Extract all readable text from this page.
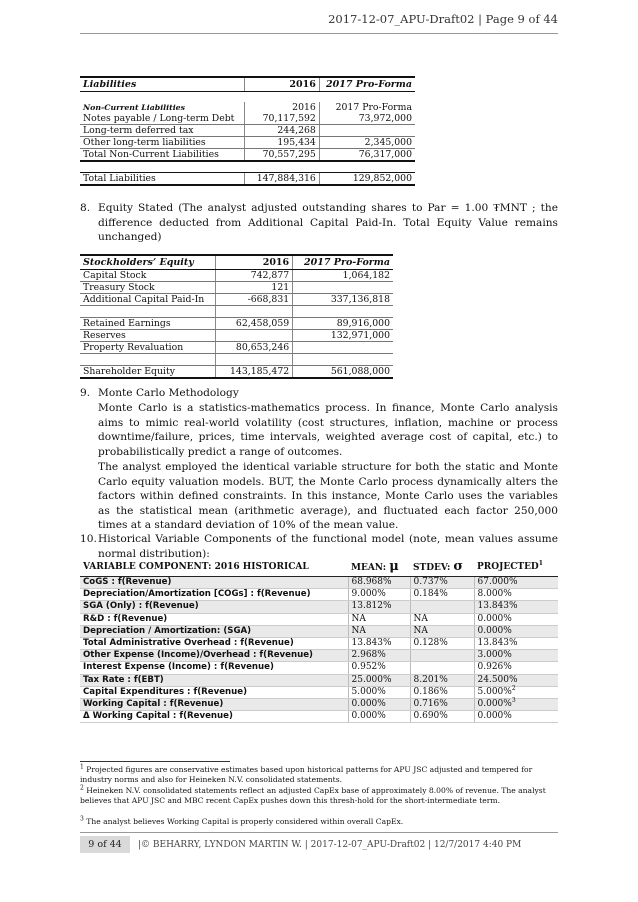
2017-12-07_APU-Draft02 | Page 9 of 44
Liabilities	2016	2017 Pro-Forma

Non-Current Liabilities	2016	2017 Pro-Forma
Notes payable / Long-term Debt	70,117,592	73,972,000
Long-term deferred tax	244,268	
Other long-term liabilities	195,434	2,345,000
Total Non-Current Liabilities	70,557,295	76,317,000

Total Liabilities	147,884,316	129,852,000
8. Equity Stated (The analyst adjusted outstanding shares to Par = 1.00 ₮MNT ; the difference deducted from Additional Capital Paid-In. Total Equity Value remains unchanged)
Stockholders’ Equity	2016	2017 Pro-Forma
Capital Stock	742,877	1,064,182
Treasury Stock	121	
Additional Capital Paid-In	-668,831	337,136,818

Retained Earnings	62,458,059	89,916,000
Reserves		132,971,000
Property Revaluation	80,653,246	

Shareholder Equity	143,185,472	561,088,000
9. Monte Carlo Methodology
Monte Carlo is a statistics-mathematics process. In finance, Monte Carlo analysis aims to mimic real-world volatility (cost structures, inflation, machine or process downtime/failure, prices, time intervals, weighted average cost of capital, etc.) to probabilistically predict a range of outcomes.
The analyst employed the identical variable structure for both the static and Monte Carlo equity valuation models. BUT, the Monte Carlo process dynamically alters the factors within defined constraints. In this instance, Monte Carlo uses the variables as the statistical mean (arithmetic average), and fluctuated each factor 250,000 times at a standard deviation of 10% of the mean value.
10. Historical Variable Components of the functional model (note, mean values assume normal distribution):
VARIABLE COMPONENT: 2016 HISTORICAL	MEAN: μ	STDEV: σ	PROJECTED$^1$
CoGS : f(Revenue)	68.968%	0.737%	67.000%
Depreciation/Amortization [COGs] : f(Revenue)	9.000%	0.184%	8.000%
SGA (Only) : f(Revenue)	13.812%		13.843%
R&D : f(Revenue)	NA	NA	0.000%
Depreciation / Amortization: (SGA)	NA	NA	0.000%
Total Administrative Overhead : f(Revenue)	13.843%	0.128%	13.843%
Other Expense (Income)/Overhead : f(Revenue)	2.968%		3.000%
Interest Expense (Income) : f(Revenue)	0.952%		0.926%
Tax Rate : f(EBT)	25.000%	8.201%	24.500%
Capital Expenditures : f(Revenue)	5.000%	0.186%	5.000%$^2$
Working Capital : f(Revenue)	0.000%	0.716%	0.000%$^3$
Δ Working Capital : f(Revenue)	0.000%	0.690%	0.000%
$^1$ Projected figures are conservative estimates based upon historical patterns for APU JSC adjusted and tempered for industry norms and also for Heineken N.V. consolidated statements.
$^2$ Heineken N.V. consolidated statements reflect an adjusted CapEx base of approximately 8.00% of revenue. The analyst believes that APU JSC and MBC recent CapEx pushes down this thresh-hold for the short-intermediate term.
$^3$ The analyst believes Working Capital is properly considered within overall CapEx.
9 of 44	|© BEHARRY, LYNDON MARTIN W. | 2017-12-07_APU-Draft02 | 12/7/2017 4:40 PM
